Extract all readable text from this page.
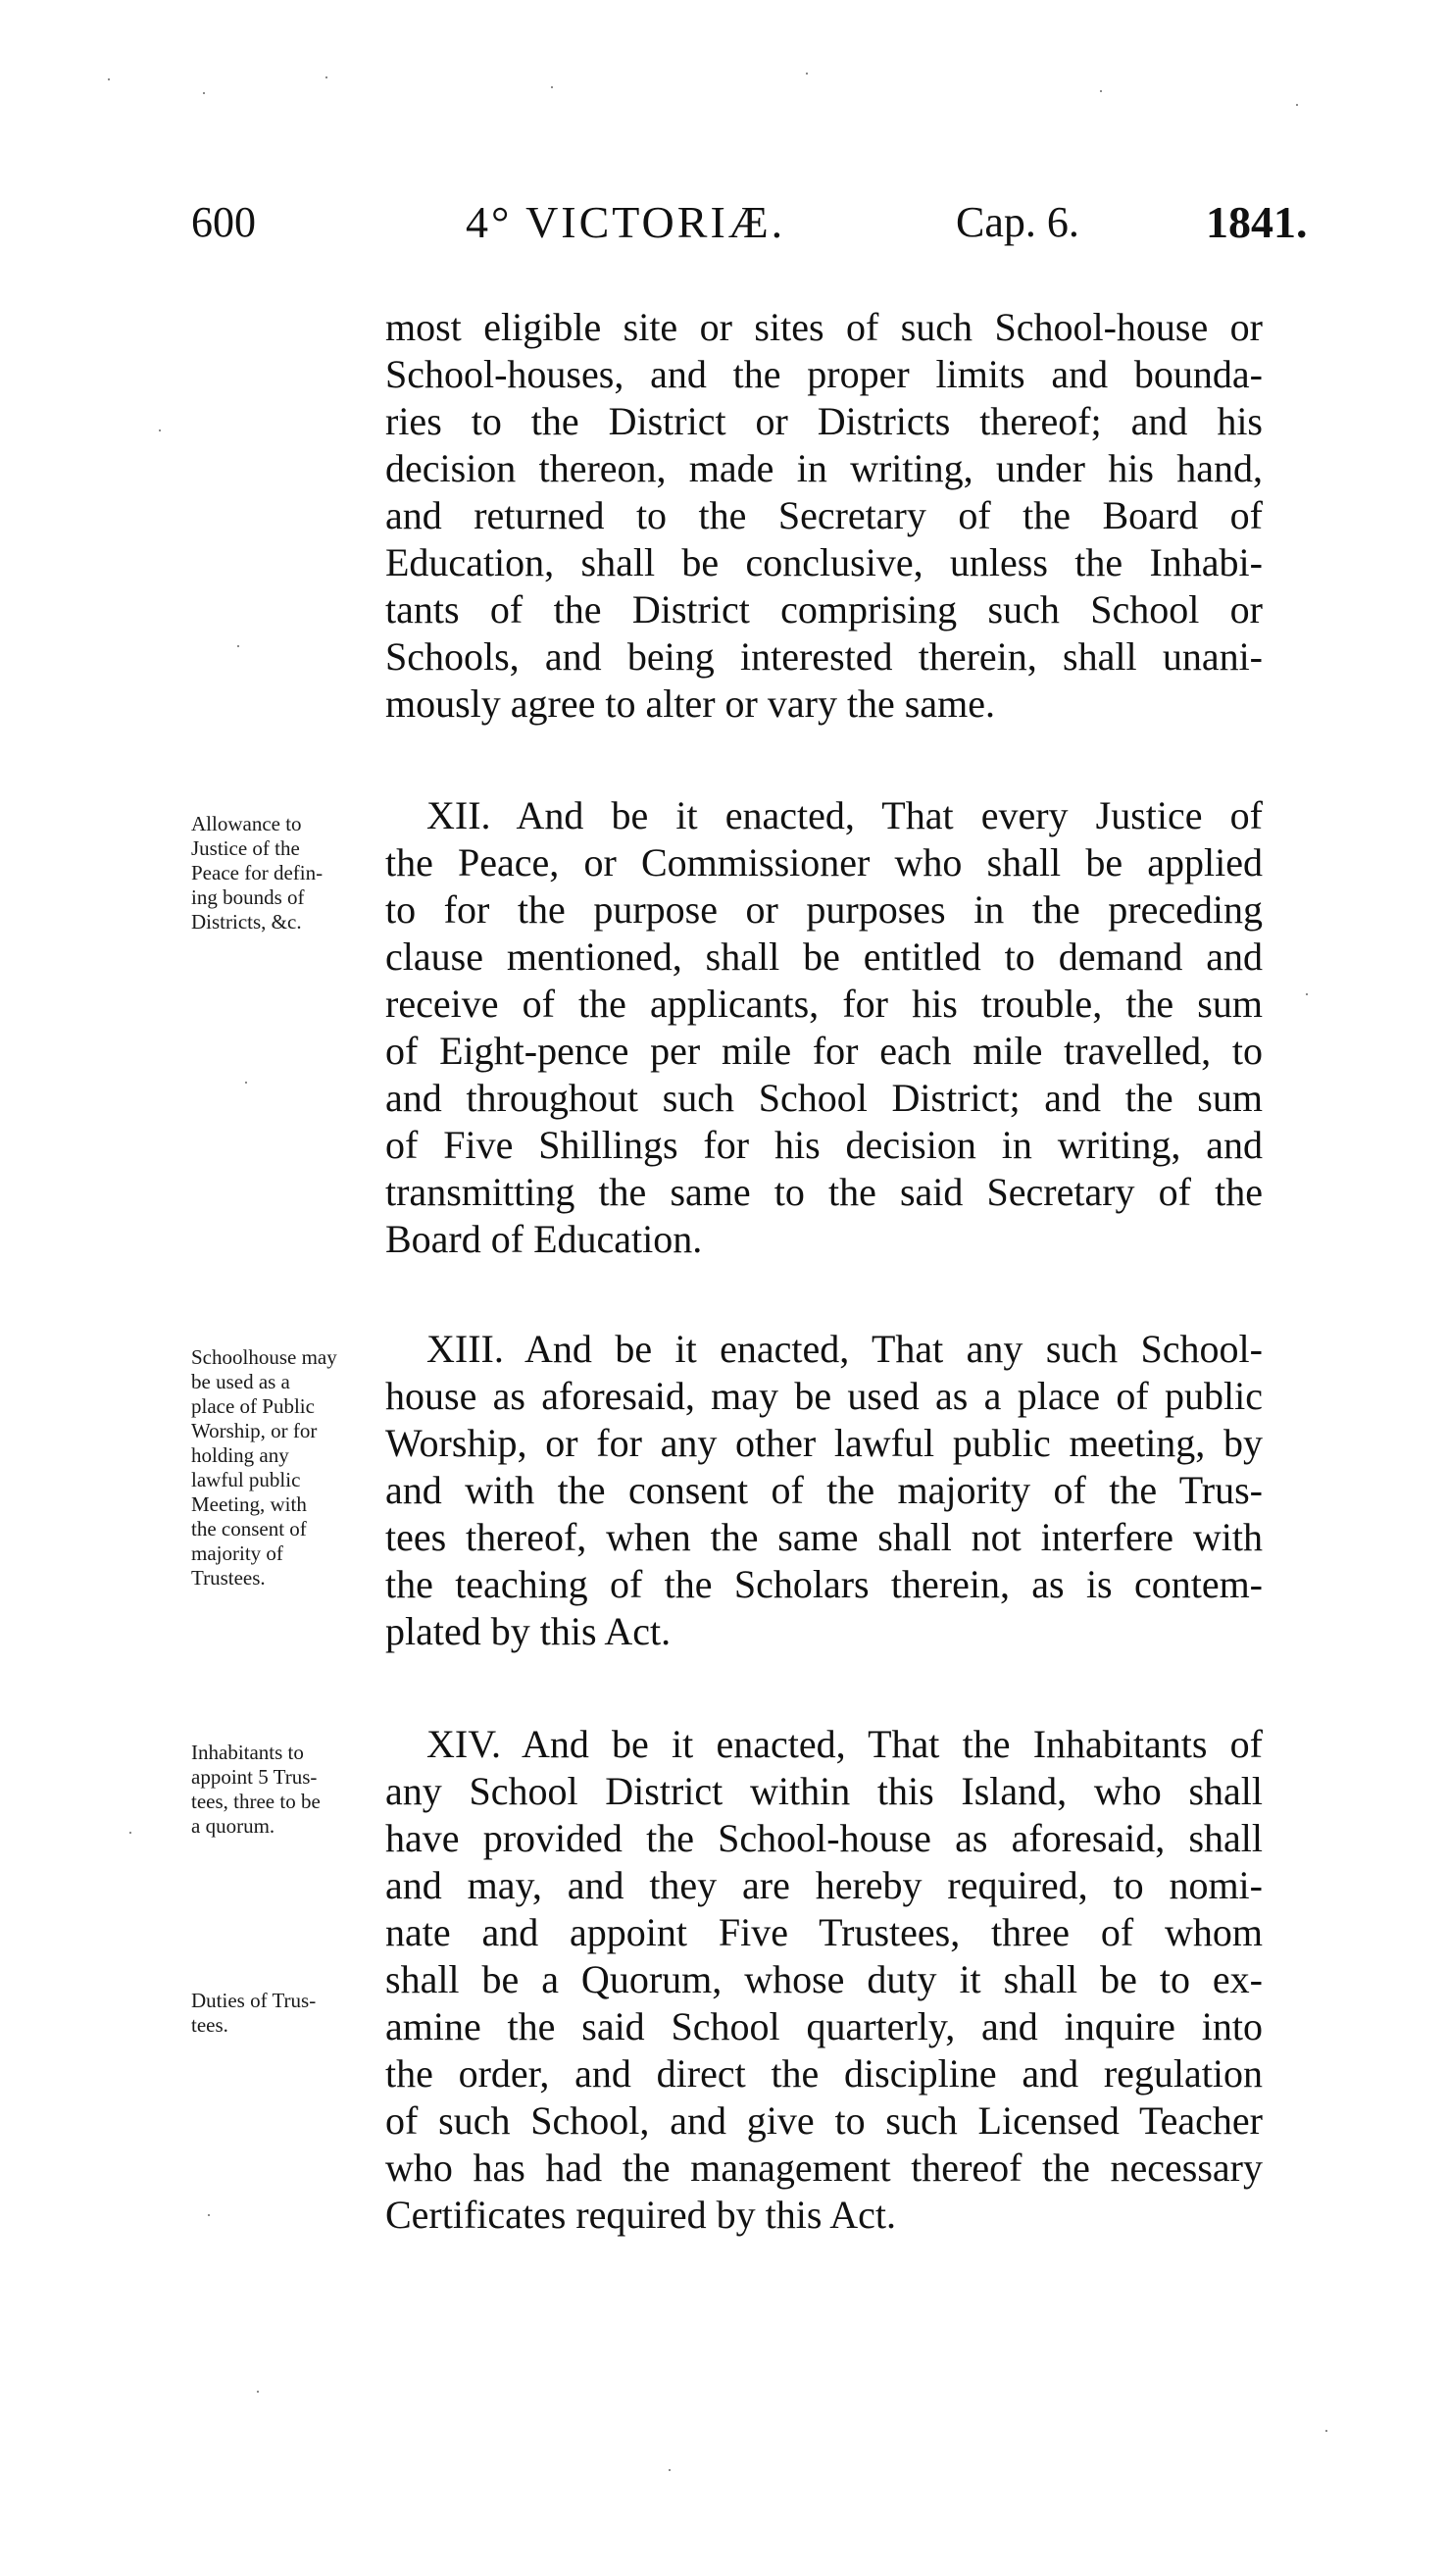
600	4° VICTORIÆ.	Cap. 6.	1841.
most eligible site or sites of such School-house or
School-houses, and the proper limits and bounda-
ries to the District or Districts thereof; and his
decision thereon, made in writing, under his hand,
and returned to the Secretary of the Board of
Education, shall be conclusive, unless the Inhabi-
tants of the District comprising such School or
Schools, and being interested therein, shall unani-
mously agree to alter or vary the same.
Allowance to
Justice of the
Peace for defin-
ing bounds of
Districts, &c.
XII. And be it enacted, That every Justice of
the Peace, or Commissioner who shall be applied
to for the purpose or purposes in the preceding
clause mentioned, shall be entitled to demand and
receive of the applicants, for his trouble, the sum
of Eight-pence per mile for each mile travelled, to
and throughout such School District; and the sum
of Five Shillings for his decision in writing, and
transmitting the same to the said Secretary of the
Board of Education.
Schoolhouse may
be used as a
place of Public
Worship, or for
holding any
lawful public
Meeting, with
the consent of
majority of
Trustees.
XIII. And be it enacted, That any such School-
house as aforesaid, may be used as a place of public
Worship, or for any other lawful public meeting, by
and with the consent of the majority of the Trus-
tees thereof, when the same shall not interfere with
the teaching of the Scholars therein, as is contem-
plated by this Act.
Inhabitants to
appoint 5 Trus-
tees, three to be
a quorum.
Duties of Trus-
tees.
XIV. And be it enacted, That the Inhabitants of
any School District within this Island, who shall
have provided the School-house as aforesaid, shall
and may, and they are hereby required, to nomi-
nate and appoint Five Trustees, three of whom
shall be a Quorum, whose duty it shall be to ex-
amine the said School quarterly, and inquire into
the order, and direct the discipline and regulation
of such School, and give to such Licensed Teacher
who has had the management thereof the necessary
Certificates required by this Act.
·
·
·	·
·
·
·
·
·
·
·
·
·
·
·
·
